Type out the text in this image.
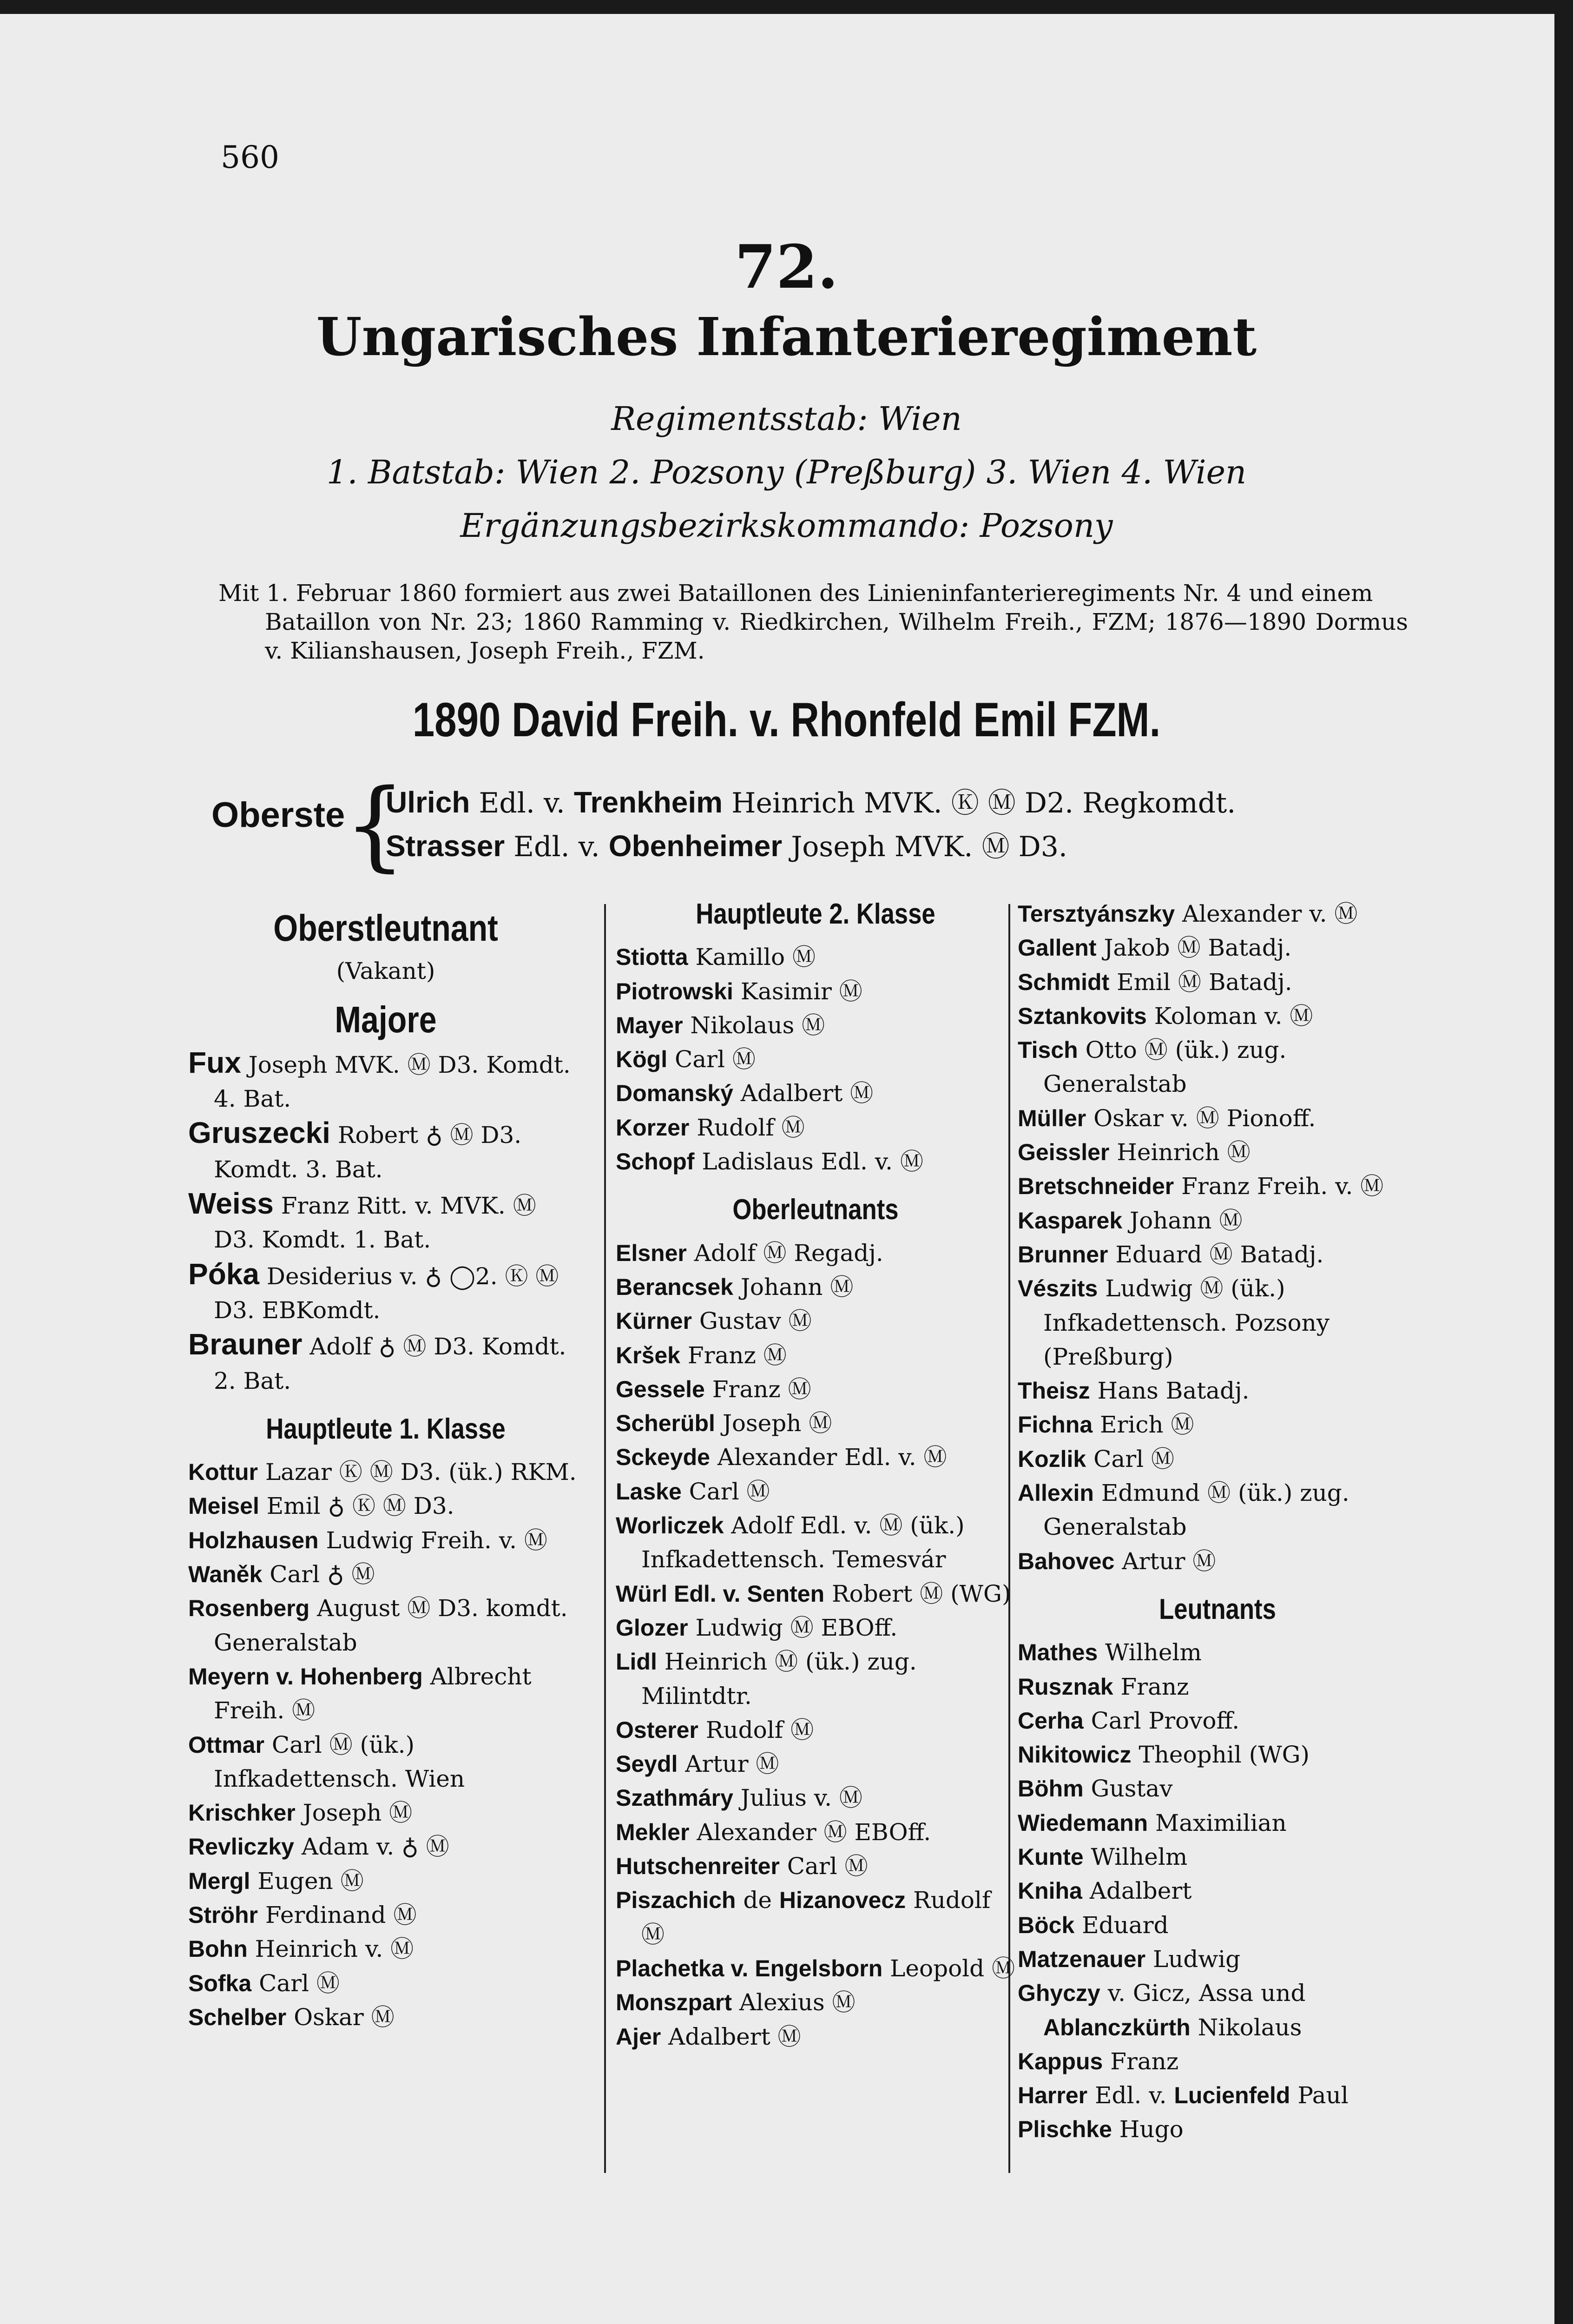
560
72.
Ungarisches Infanterieregiment
Regimentsstab: Wien
1. Batstab: Wien 2. Pozsony (Preßburg) 3. Wien 4. Wien
Ergänzungsbezirkskommando: Pozsony
Mit 1. Februar 1860 formiert aus zwei Bataillonen des Linieninfanterieregiments Nr. 4 und einem
Bataillon von Nr. 23; 1860 Ramming v. Riedkirchen, Wilhelm Freih., FZM; 1876—1890 Dormus v. Kilianshausen, Joseph Freih., FZM.
1890 David Freih. v. Rhonfeld Emil FZM.
Oberste
{
Ulrich Edl. v. Trenkheim Heinrich MVK. Ⓚ Ⓜ D2. Regkomdt.
Strasser Edl. v. Obenheimer Joseph MVK. Ⓜ D3.
Oberstleutnant
(Vakant)
Majore
Fux Joseph MVK. Ⓜ D3. Komdt. 4. Bat.
Gruszecki Robert ♁ Ⓜ D3. Komdt. 3. Bat.
Weiss Franz Ritt. v. MVK. Ⓜ D3. Komdt. 1. Bat.
Póka Desiderius v. ♁ ◯2. Ⓚ Ⓜ D3. EBKomdt.
Brauner Adolf ♁ Ⓜ D3. Komdt. 2. Bat.
Hauptleute 1. Klasse
Kottur Lazar Ⓚ Ⓜ D3. (ük.) RKM.
Meisel Emil ♁ Ⓚ Ⓜ D3.
Holzhausen Ludwig Freih. v. Ⓜ
Waněk Carl ♁ Ⓜ
Rosenberg August Ⓜ D3. komdt. Generalstab
Meyern v. Hohenberg Albrecht Freih. Ⓜ
Ottmar Carl Ⓜ (ük.) Infkadettensch. Wien
Krischker Joseph Ⓜ
Revliczky Adam v. ♁ Ⓜ
Mergl Eugen Ⓜ
Ströhr Ferdinand Ⓜ
Bohn Heinrich v. Ⓜ
Sofka Carl Ⓜ
Schelber Oskar Ⓜ
Hauptleute 2. Klasse
Stiotta Kamillo Ⓜ
Piotrowski Kasimir Ⓜ
Mayer Nikolaus Ⓜ
Kögl Carl Ⓜ
Domanský Adalbert Ⓜ
Korzer Rudolf Ⓜ
Schopf Ladislaus Edl. v. Ⓜ
Oberleutnants
Elsner Adolf Ⓜ Regadj.
Berancsek Johann Ⓜ
Kürner Gustav Ⓜ
Kršek Franz Ⓜ
Gessele Franz Ⓜ
Scherübl Joseph Ⓜ
Sckeyde Alexander Edl. v. Ⓜ
Laske Carl Ⓜ
Worliczek Adolf Edl. v. Ⓜ (ük.) Infkadettensch. Temesvár
Würl Edl. v. Senten Robert Ⓜ (WG)
Glozer Ludwig Ⓜ EBOff.
Lidl Heinrich Ⓜ (ük.) zug. Milintdtr.
Osterer Rudolf Ⓜ
Seydl Artur Ⓜ
Szathmáry Julius v. Ⓜ
Mekler Alexander Ⓜ EBOff.
Hutschenreiter Carl Ⓜ
Piszachich de Hizanovecz Rudolf Ⓜ
Plachetka v. Engelsborn Leopold Ⓜ
Monszpart Alexius Ⓜ
Ajer Adalbert Ⓜ
Tersztyánszky Alexander v. Ⓜ
Gallent Jakob Ⓜ Batadj.
Schmidt Emil Ⓜ Batadj.
Sztankovits Koloman v. Ⓜ
Tisch Otto Ⓜ (ük.) zug. Generalstab
Müller Oskar v. Ⓜ Pionoff.
Geissler Heinrich Ⓜ
Bretschneider Franz Freih. v. Ⓜ
Kasparek Johann Ⓜ
Brunner Eduard Ⓜ Batadj.
Vészits Ludwig Ⓜ (ük.) Infkadettensch. Pozsony (Preßburg)
Theisz Hans Batadj.
Fichna Erich Ⓜ
Kozlik Carl Ⓜ
Allexin Edmund Ⓜ (ük.) zug. Generalstab
Bahovec Artur Ⓜ
Leutnants
Mathes Wilhelm
Rusznak Franz
Cerha Carl Provoff.
Nikitowicz Theophil (WG)
Böhm Gustav
Wiedemann Maximilian
Kunte Wilhelm
Kniha Adalbert
Böck Eduard
Matzenauer Ludwig
Ghyczy v. Gicz, Assa und Ablanczkürth Nikolaus
Kappus Franz
Harrer Edl. v. Lucienfeld Paul
Plischke Hugo
